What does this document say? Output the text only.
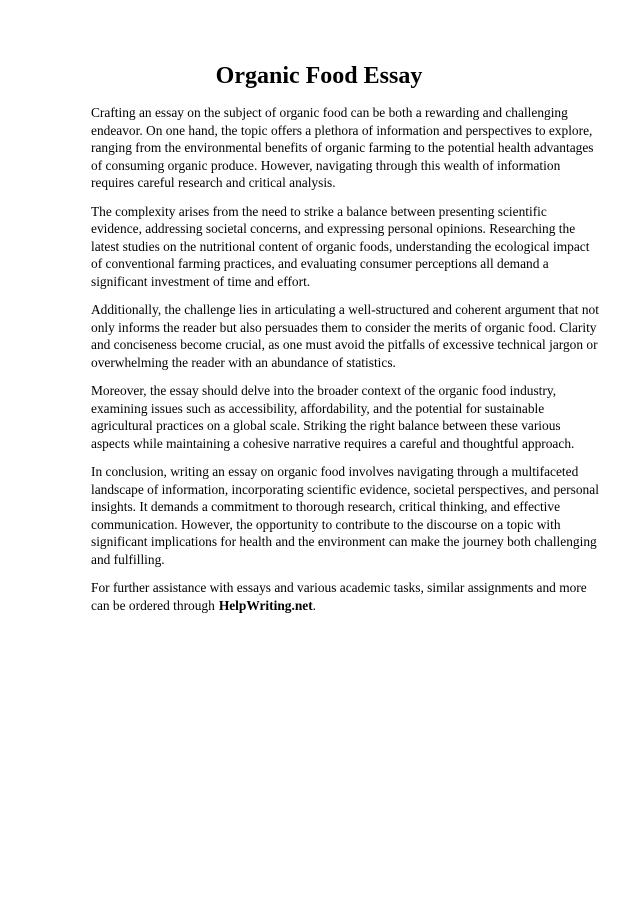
Organic Food Essay

Crafting an essay on the subject of organic food can be both a rewarding and challenging endeavor. On one hand, the topic offers a plethora of information and perspectives to explore, ranging from the environmental benefits of organic farming to the potential health advantages of consuming organic produce. However, navigating through this wealth of information requires careful research and critical analysis.

The complexity arises from the need to strike a balance between presenting scientific evidence, addressing societal concerns, and expressing personal opinions. Researching the latest studies on the nutritional content of organic foods, understanding the ecological impact of conventional farming practices, and evaluating consumer perceptions all demand a significant investment of time and effort.

Additionally, the challenge lies in articulating a well-structured and coherent argument that not only informs the reader but also persuades them to consider the merits of organic food. Clarity and conciseness become crucial, as one must avoid the pitfalls of excessive technical jargon or overwhelming the reader with an abundance of statistics.

Moreover, the essay should delve into the broader context of the organic food industry, examining issues such as accessibility, affordability, and the potential for sustainable agricultural practices on a global scale. Striking the right balance between these various aspects while maintaining a cohesive narrative requires a careful and thoughtful approach.

In conclusion, writing an essay on organic food involves navigating through a multifaceted landscape of information, incorporating scientific evidence, societal perspectives, and personal insights. It demands a commitment to thorough research, critical thinking, and effective communication. However, the opportunity to contribute to the discourse on a topic with significant implications for health and the environment can make the journey both challenging and fulfilling.

For further assistance with essays and various academic tasks, similar assignments and more can be ordered through HelpWriting.net.
